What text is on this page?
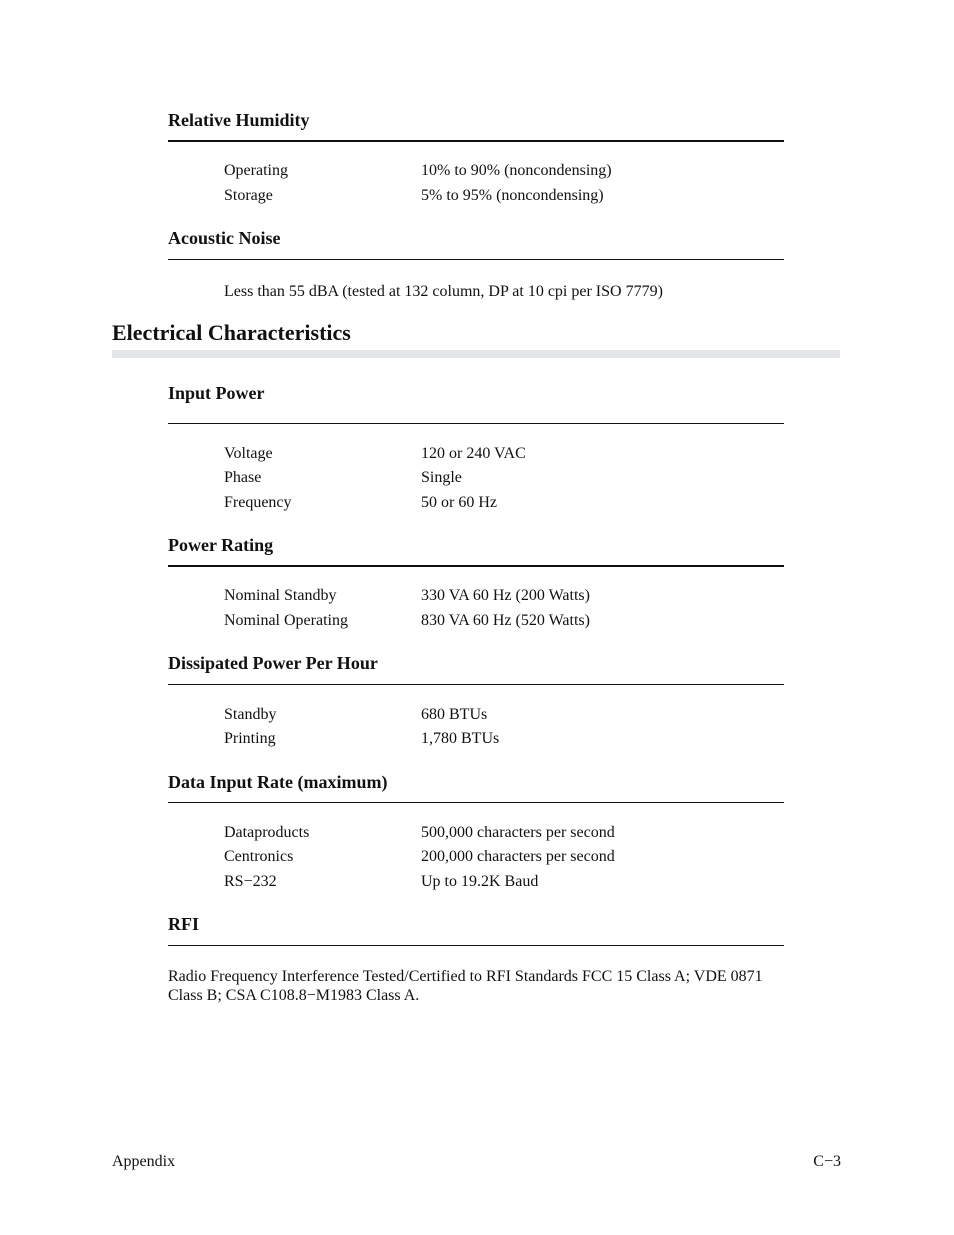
Relative Humidity
Operating	10% to 90% (noncondensing)
Storage	5% to 95% (noncondensing)
Acoustic Noise
Less than 55 dBA (tested at 132 column, DP at 10 cpi per ISO 7779)
Electrical Characteristics
Input Power
Voltage	120 or 240 VAC
Phase	Single
Frequency	50 or 60 Hz
Power Rating
Nominal Standby	330 VA 60 Hz (200 Watts)
Nominal Operating	830 VA 60 Hz (520 Watts)
Dissipated Power Per Hour
Standby	680 BTUs
Printing	1,780 BTUs
Data Input Rate (maximum)
Dataproducts	500,000 characters per second
Centronics	200,000 characters per second
RS−232	Up to 19.2K Baud
RFI
Radio Frequency Interference Tested/Certified to RFI Standards FCC 15 Class A; VDE 0871 Class B; CSA C108.8−M1983 Class A.
Appendix	C−3
